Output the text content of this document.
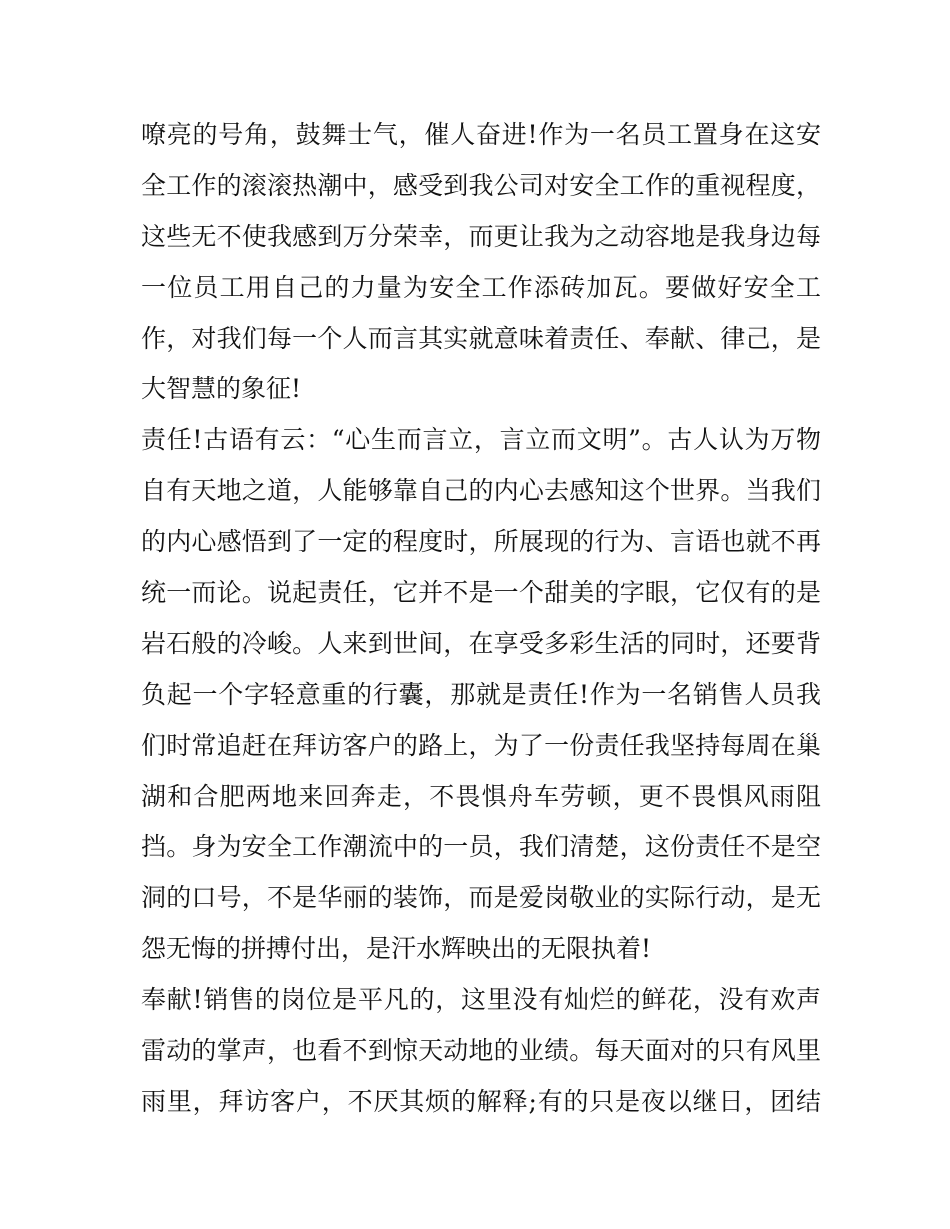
嘹亮的号角，鼓舞士气，催人奋进!作为一名员工置身在这安
全工作的滚滚热潮中，感受到我公司对安全工作的重视程度，
这些无不使我感到万分荣幸，而更让我为之动容地是我身边每
一位员工用自己的力量为安全工作添砖加瓦。要做好安全工
作，对我们每一个人而言其实就意味着责任、奉献、律己，是
大智慧的象征!
责任!古语有云：“心生而言立，言立而文明”。古人认为万物
自有天地之道，人能够靠自己的内心去感知这个世界。当我们
的内心感悟到了一定的程度时，所展现的行为、言语也就不再
统一而论。说起责任，它并不是一个甜美的字眼，它仅有的是
岩石般的冷峻。人来到世间，在享受多彩生活的同时，还要背
负起一个字轻意重的行囊，那就是责任!作为一名销售人员我
们时常追赶在拜访客户的路上，为了一份责任我坚持每周在巢
湖和合肥两地来回奔走，不畏惧舟车劳顿，更不畏惧风雨阻
挡。身为安全工作潮流中的一员，我们清楚，这份责任不是空
洞的口号，不是华丽的装饰，而是爱岗敬业的实际行动，是无
怨无悔的拼搏付出，是汗水辉映出的无限执着!
奉献!销售的岗位是平凡的，这里没有灿烂的鲜花，没有欢声
雷动的掌声，也看不到惊天动地的业绩。每天面对的只有风里
雨里，拜访客户，不厌其烦的解释;有的只是夜以继日，团结
